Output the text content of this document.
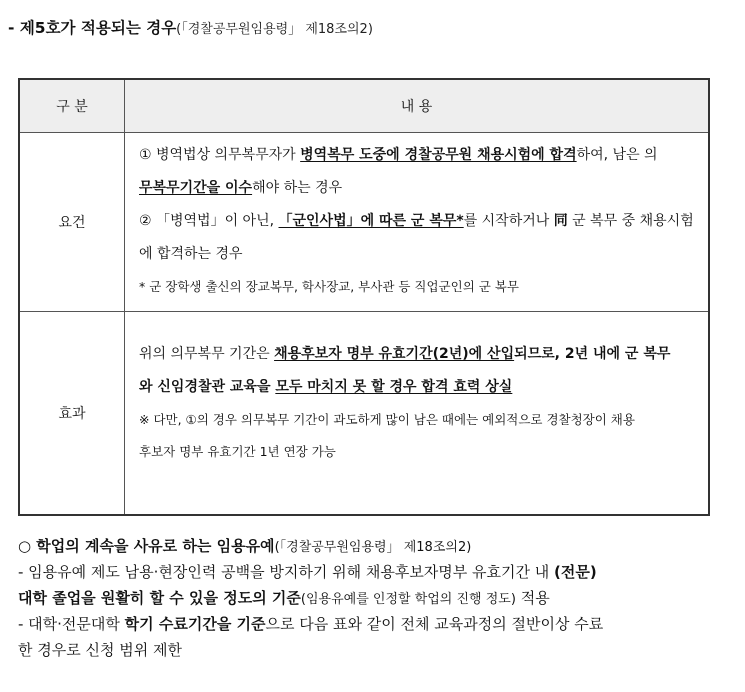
- 제5호가 적용되는 경우(「경찰공무원임용령」 제18조의2)
구 분	내 용
요건	① 병역법상 의무복무자가 병역복무 도중에 경찰공무원 채용시험에 합격하여, 남은 의
무복무기간을 이수해야 하는 경우
② 「병역법」이 아닌, 「군인사법」에 따른 군 복무*를 시작하거나 同 군 복무 중 채용시험
에 합격하는 경우
* 군 장학생 출신의 장교복무, 학사장교, 부사관 등 직업군인의 군 복무

효과	위의 의무복무 기간은 채용후보자 명부 유효기간(2년)에 산입되므로, 2년 내에 군 복무
와 신임경찰관 교육을 모두 마치지 못 할 경우 합격 효력 상실
※ 다만, ①의 경우 의무복무 기간이 과도하게 많이 남은 때에는 예외적으로 경찰청장이 채용
후보자 명부 유효기간 1년 연장 가능
○ 학업의 계속을 사유로 하는 임용유예(「경찰공무원임용령」 제18조의2)
- 임용유예 제도 남용·현장인력 공백을 방지하기 위해 채용후보자명부 유효기간 내 (전문)
대학 졸업을 원활히 할 수 있을 정도의 기준(임용유예를 인정할 학업의 진행 정도) 적용
- 대학·전문대학 학기 수료기간을 기준으로 다음 표와 같이 전체 교육과정의 절반이상 수료
한 경우로 신청 범위 제한
